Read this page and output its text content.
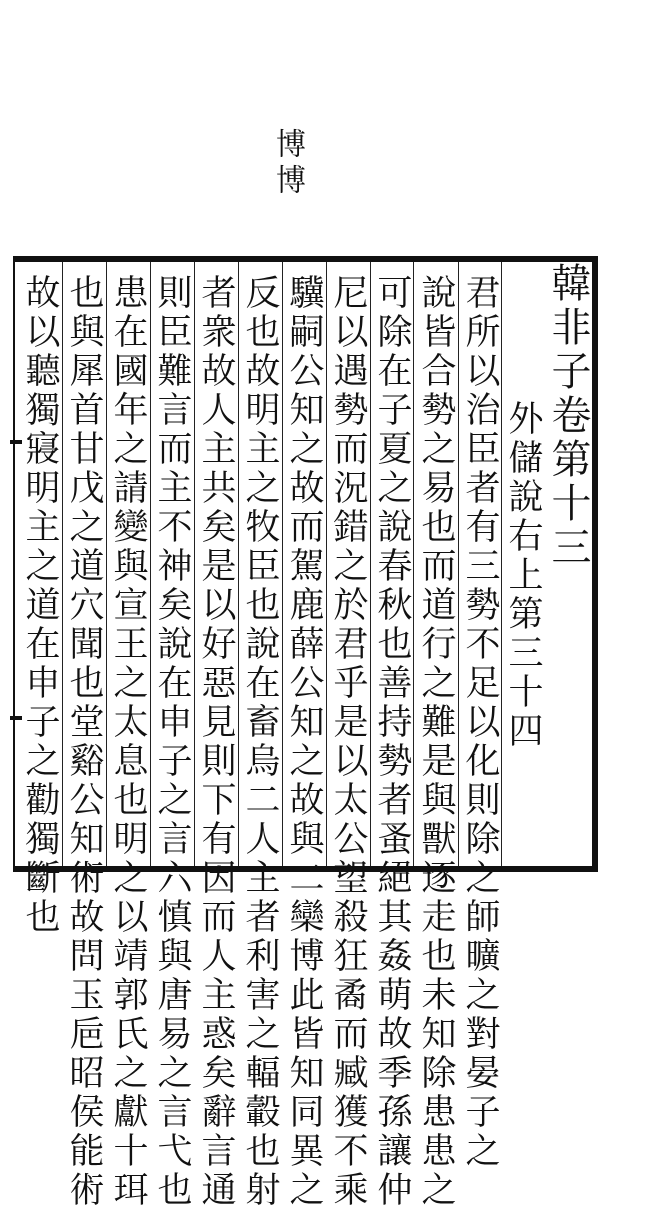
博博
韓非子卷第十三
外儲說右上第三十四
君所以治臣者有三勢不足以化則除之師曠之對晏子之
說皆合勢之易也而道行之難是與獸逐走也未知除患患之
可除在子夏之說春秋也善持勢者蚤絕其姦萌故季孫讓仲
尼以遇勢而況錯之於君乎是以太公望殺狂矞而臧獲不乘
驥嗣公知之故而駕鹿薛公知之故與二欒博此皆知同異之
反也故明主之牧臣也說在畜烏二人主者利害之輻轂也射
者衆故人主共矣是以好惡見則下有因而人主惑矣辭言通
則臣難言而主不神矣說在申子之言六慎與唐易之言弋也
患在國年之請變與宣王之太息也明之以靖郭氏之獻十珥
也與犀首甘戊之道穴聞也堂谿公知術故問玉巵昭侯能術
故以聽獨寢明主之道在申子之勸獨斷也
